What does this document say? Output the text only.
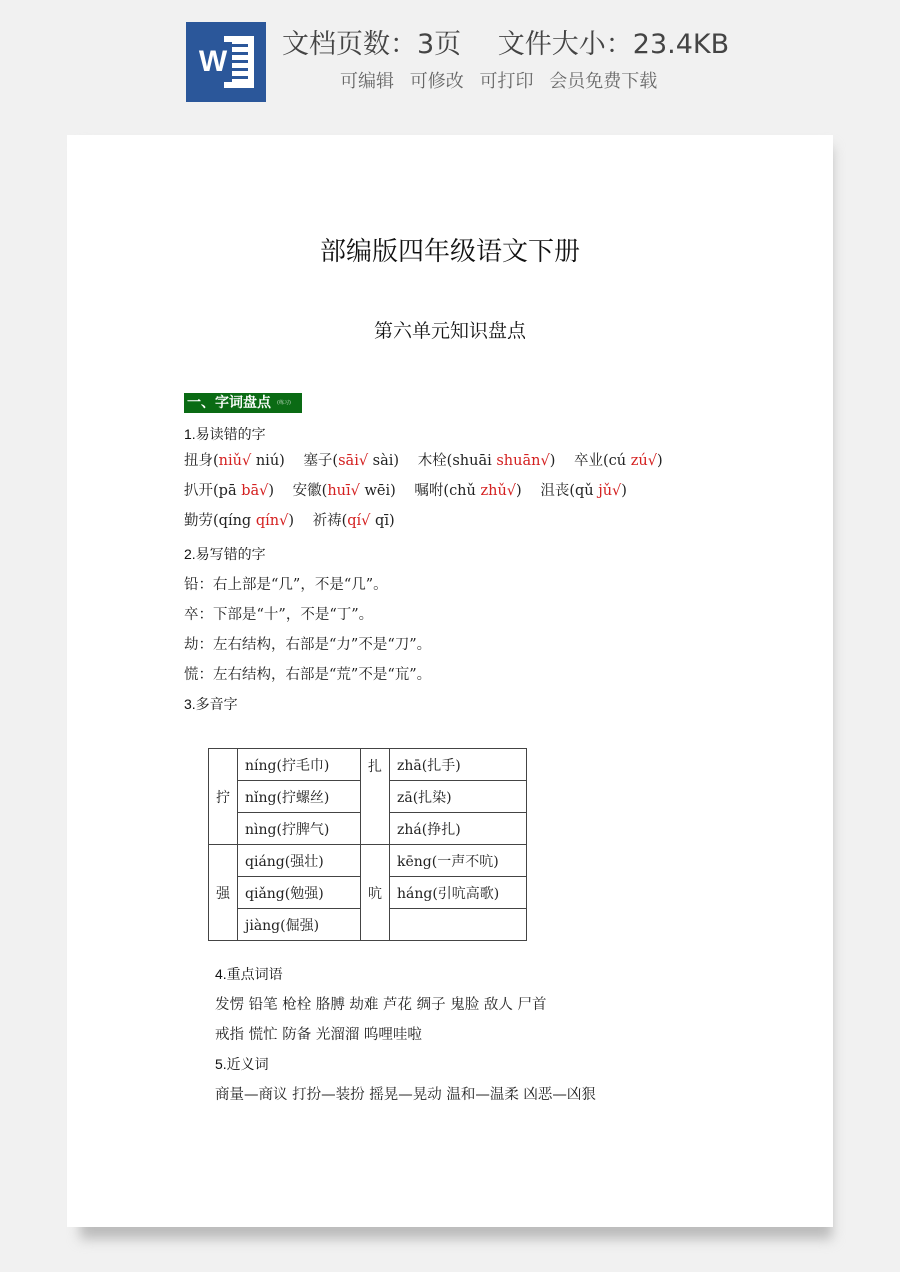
W
文档页数：3页 文件大小：23.4KB
可编辑 可修改 可打印 会员免费下载
部编版四年级语文下册
第六单元知识盘点
一、字词盘点 (练习)
1.易读错的字
扭身(niǔ√ niú) 塞子(sāi√ sài) 木栓(shuāi shuān√) 卒业(cú zú√)
扒开(pā bā√) 安徽(huī√ wēi) 嘱咐(chǔ zhǔ√) 沮丧(qǔ jǔ√)
勤劳(qíng qín√) 祈祷(qí√ qī)
2.易写错的字
铅：右上部是“几”，不是“几”。
卒：下部是“十”，不是“丁”。
劫：左右结构，右部是“力”不是“刀”。
慌：左右结构，右部是“荒”不是“巟”。
3.多音字
拧	níng(拧毛巾)	扎	zhā(扎手)
	nǐng(拧螺丝)		zā(扎染)
	nìng(拧脾气)		zhá(挣扎)
强	qiáng(强壮)	吭	kēng(一声不吭)
	qiǎng(勉强)		háng(引吭高歌)
	jiàng(倔强)		
4.重点词语
发愣 铅笔 枪栓 胳膊 劫难 芦花 绸子 鬼脸 敌人 尸首
戒指 慌忙 防备 光溜溜 呜哩哇啦
5.近义词
商量—商议 打扮—装扮 摇晃—晃动 温和—温柔 凶恶—凶狠
